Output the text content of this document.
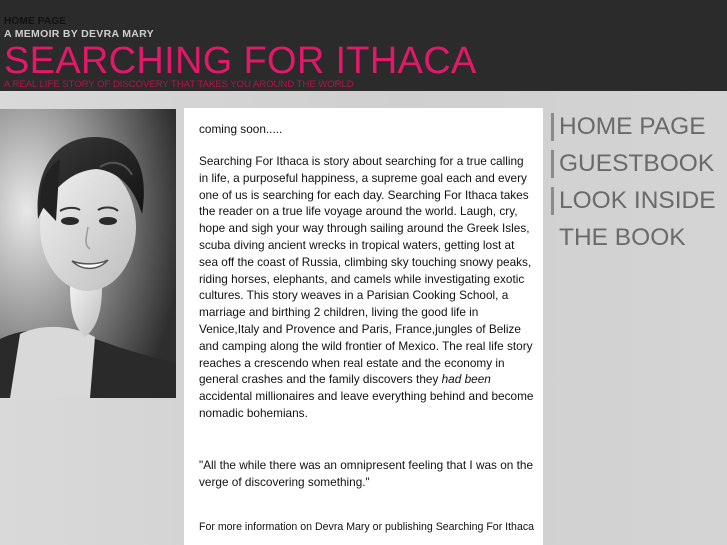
HOME PAGE
A MEMOIR BY DEVRA MARY
SEARCHING FOR ITHACA
A REAL LIFE STORY OF DISCOVERY THAT TAKES YOU AROUND THE WORLD

coming soon.....

Searching For Ithaca is story about searching for a true calling in life, a purposeful happiness, a supreme goal each and every one of us is searching for each day. Searching For Ithaca takes the reader on a true life voyage around the world. Laugh, cry, hope and sigh your way through sailing around the Greek Isles, scuba diving ancient wrecks in tropical waters, getting lost at sea off the coast of Russia, climbing sky touching snowy peaks, riding horses, elephants, and camels while investigating exotic cultures. This story weaves in a Parisian Cooking School, a marriage and birthing 2 children, living the good life in Venice,Italy and Provence and Paris, France,jungles of Belize and camping along the wild frontier of Mexico. The real life story reaches a crescendo when real estate and the economy in general crashes and the family discovers they had been accidental millionaires and leave everything behind and become nomadic bohemians.

"All the while there was an omnipresent feeling that I was on the verge of discovering something."

For more information on Devra Mary or publishing Searching For Ithaca

HOME PAGE
GUESTBOOK
LOOK INSIDE
THE BOOK
